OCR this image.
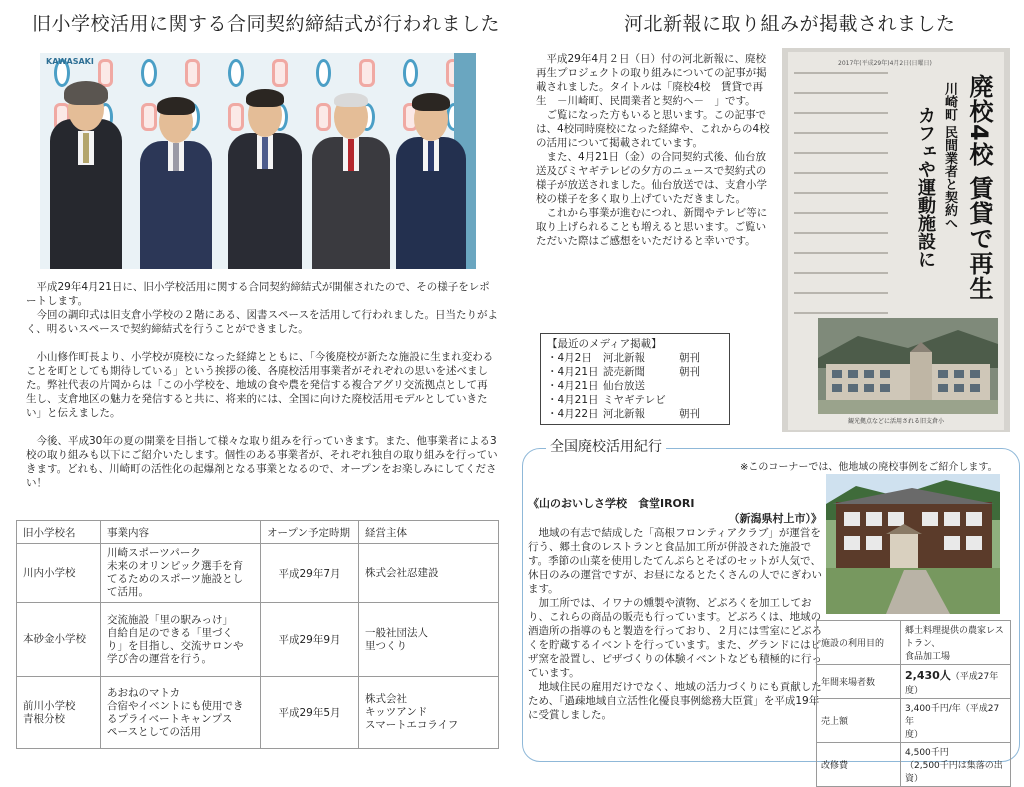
旧小学校活用に関する合同契約締結式が行われました
KAWASAKI

平成29年4月21日に、旧小学校活用に関する合同契約締結式が開催されたので、その様子をレポートします。

今回の調印式は旧支倉小学校の２階にある、図書スペースを活用して行われました。日当たりがよく、明るいスペースで契約締結式を行うことができました。

小山修作町長より、小学校が廃校になった経緯とともに、「今後廃校が新たな施設に生まれ変わることを町としても期待している」という挨拶の後、各廃校活用事業者がそれぞれの思いを述べました。弊社代表の片岡からは「この小学校を、地域の食や農を発信する複合アグリ交流拠点として再生し、支倉地区の魅力を発信すると共に、将来的には、全国に向けた廃校活用モデルとしていきたい」と伝えました。

今後、平成30年の夏の開業を目指して様々な取り組みを行っていきます。また、他事業者による3校の取り組みも以下にご紹介いたします。個性のある事業者が、それぞれ独自の取り組みを行っていきます。どれも、川崎町の活性化の起爆剤となる事業となるので、オープンをお楽しみにしてください！

旧小学校名	事業内容	オープン予定時期	経営主体

川内小学校	川崎スポーツパーク
未来のオリンピック選手を育
てるためのスポーツ施設とし
て活用。	平成29年7月	株式会社忍建設

本砂金小学校	交流施設「里の駅みっけ」
自給自足のできる「里づく
り」を目指し、交流サロンや
学び舎の運営を行う。	平成29年9月	一般社団法人
里つくり

前川小学校
青根分校	あおねのマトカ
合宿やイベントにも使用でき
るプライベートキャンプス
ペースとしての活用	平成29年5月	株式会社
キッツアンド
スマートエコライフ
河北新報に取り組みが掲載されました

平成29年4月２日（日）付の河北新報に、廃校再生プロジェクトの取り組みについての記事が掲載されました。タイトルは「廃校4校　賃貸で再生　－川崎町、民間業者と契約へ－　」です。

ご覧になった方もいると思います。この記事では、4校同時廃校になった経緯や、これからの4校の活用について掲載されています。

また、4月21日（金）の合同契約式後、仙台放送及びミヤギテレビの夕方のニュースで契約式の様子が放送されました。仙台放送では、支倉小学校の様子を多く取り上げていただきました。

これから事業が進むにつれ、新聞やテレビ等に取り上げられることも増えると思います。ご覧いただいた際はご感想をいただけると幸いです。

【最近のメディア掲載】
・4月2日	河北新報	朝刊
・4月21日 読売新聞	朝刊
・4月21日 仙台放送
・4月21日 ミヤギテレビ
・4月22日 河北新報	朝刊
2017年(平成29年)4月2日(日曜日)
廃校4校 賃貸で再生
川崎町 民間業者と契約へ
カフェや運動施設に
観光拠点などに活用される旧支倉小
全国廃校活用紀行
※このコーナーでは、他地域の廃校事例をご紹介します。
《山のおいしさ学校　食堂IRORI
（新潟県村上市）》

地域の有志で結成した「高根フロンティアクラブ」が運営を行う、郷土食のレストランと食品加工所が併設された施設です。季節の山菜を使用したてんぷらとそばのセットが人気で、休日のみの運営ですが、お昼になるとたくさんの人でにぎわいます。

加工所では、イワナの燻製や漬物、どぶろくを加工しており、これらの商品の販売も行っています。どぶろくは、地域の酒造所の指導のもと製造を行っており、２月には雪室にどぶろくを貯蔵するイベントを行っています。また、グランドにはピザ窯を設置し、ピザづくりの体験イベントなども積極的に行っています。

地域住民の雇用だけでなく、地域の活力づくりにも貢献したため、「過疎地域自立活性化優良事例総務大臣賞」を平成19年に受賞しました。

施設の利用目的	郷土料理提供の農家レストラン、
食品加工場

年間来場者数	2,430人（平成27年度）
売上額	3,400千円/年（平成27年
度）

改修費	4,500千円
（2,500千円は集落の出資）
